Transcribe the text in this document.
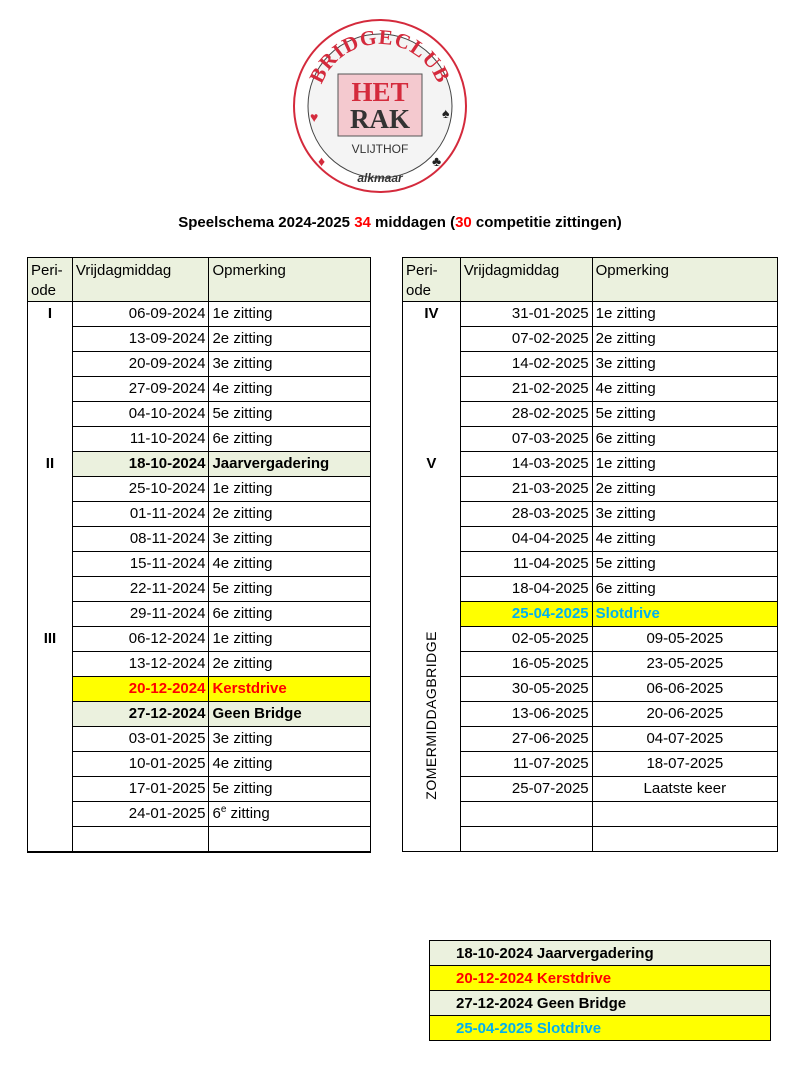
BRIDGECLUB
HET
RAK
VLIJTHOF
alkmaar
♠
♣
♥
♦
Speelschema 2024-2025 34 middagen (30 competitie zittingen)
Peri-
ode	Vrijdagmiddag	Opmerking
I	06-09-2024	1e zitting
	13-09-2024	2e zitting
	20-09-2024	3e zitting
	27-09-2024	4e zitting
	04-10-2024	5e zitting
	11-10-2024	6e zitting
II	18-10-2024	Jaarvergadering
	25-10-2024	1e zitting
	01-11-2024	2e zitting
	08-11-2024	3e zitting
	15-11-2024	4e zitting
	22-11-2024	5e zitting
	29-11-2024	6e zitting
III	06-12-2024	1e zitting
	13-12-2024	2e zitting
	20-12-2024	Kerstdrive
	27-12-2024	Geen Bridge
	03-01-2025	3e zitting
	10-01-2025	4e zitting
	17-01-2025	5e zitting
	24-01-2025	6e zitting

Peri-
ode	Vrijdagmiddag	Opmerking
IV	31-01-2025	1e zitting
	07-02-2025	2e zitting
	14-02-2025	3e zitting
	21-02-2025	4e zitting
	28-02-2025	5e zitting
	07-03-2025	6e zitting
V	14-03-2025	1e zitting
	21-03-2025	2e zitting
	28-03-2025	3e zitting
	04-04-2025	4e zitting
	11-04-2025	5e zitting
	18-04-2025	6e zitting
	25-04-2025	Slotdrive
ZOMERMIDDAGBRIDGE	02-05-2025	09-05-2025
	16-05-2025	23-05-2025
	30-05-2025	06-06-2025
	13-06-2025	20-06-2025
	27-06-2025	04-07-2025
	11-07-2025	18-07-2025
	25-07-2025	Laatste keer

18-10-2024 Jaarvergadering
20-12-2024 Kerstdrive
27-12-2024 Geen Bridge
25-04-2025 Slotdrive
